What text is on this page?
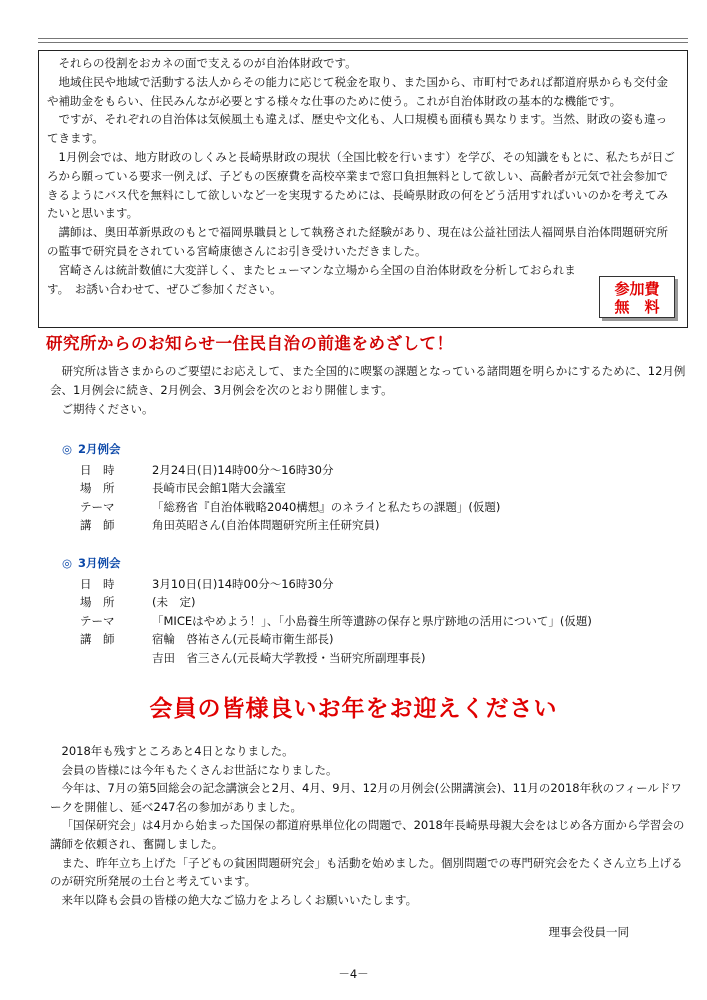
それらの役割をおカネの面で支えるのが自治体財政です。

地域住民や地域で活動する法人からその能力に応じて税金を取り、また国から、市町村であれば都道府県からも交付金や補助金をもらい、住民みんなが必要とする様々な仕事のために使う。これが自治体財政の基本的な機能です。

ですが、それぞれの自治体は気候風土も違えば、歴史や文化も、人口規模も面積も異なります。当然、財政の姿も違ってきます。

1月例会では、地方財政のしくみと長崎県財政の現状（全国比較を行います）を学び、その知識をもとに、私たちが日ごろから願っている要求一例えば、子どもの医療費を高校卒業まで窓口負担無料として欲しい、高齢者が元気で社会参加できるようにバス代を無料にして欲しいなど一を実現するためには、長崎県財政の何をどう活用すればいいのかを考えてみたいと思います。

講師は、奥田革新県政のもとで福岡県職員として執務された経験があり、現在は公益社団法人福岡県自治体問題研究所の監事で研究員をされている宮崎康徳さんにお引き受けいただきました。

宮崎さんは統計数値に大変詳しく、またヒューマンな立場から全国の自治体財政を分析しておられます。　お誘い合わせて、ぜひご参加ください。	参加費
無　料
研究所からのお知らせ一住民自治の前進をめざして！

研究所は皆さまからのご要望にお応えして、また全国的に喫緊の課題となっている諸問題を明らかにするために、12月例会、1月例会に続き、2月例会、3月例会を次のとおり開催します。

ご期待ください。

◎ 2月例会
日　時	2月24日(日)14時00分～16時30分
場　所	長崎市民会館1階大会議室
テーマ	「総務省『自治体戦略2040構想』のネライと私たちの課題」(仮題)
講　師	角田英昭さん(自治体問題研究所主任研究員)
◎ 3月例会
日　時	3月10日(日)14時00分～16時30分
場　所	(未　定)
テーマ	「MICEはやめよう！」、「小島養生所等遺跡の保存と県庁跡地の活用について」(仮題)
講　師	宿輪　啓祐さん(元長崎市衛生部長)
吉田　省三さん(元長崎大学教授・当研究所副理事長)
会員の皆様良いお年をお迎えください

2018年も残すところあと4日となりました。

会員の皆様には今年もたくさんお世話になりました。

今年は、7月の第5回総会の記念講演会と2月、4月、9月、12月の月例会(公開講演会)、11月の2018年秋のフィールドワークを開催し、延べ247名の参加がありました。

「国保研究会」は4月から始まった国保の都道府県単位化の問題で、2018年長崎県母親大会をはじめ各方面から学習会の講師を依頼され、奮闘しました。

また、昨年立ち上げた「子どもの貧困問題研究会」も活動を始めました。個別問題での専門研究会をたくさん立ち上げるのが研究所発展の土台と考えています。

来年以降も会員の皆様の絶大なご協力をよろしくお願いいたします。

理事会役員一同
－4－
